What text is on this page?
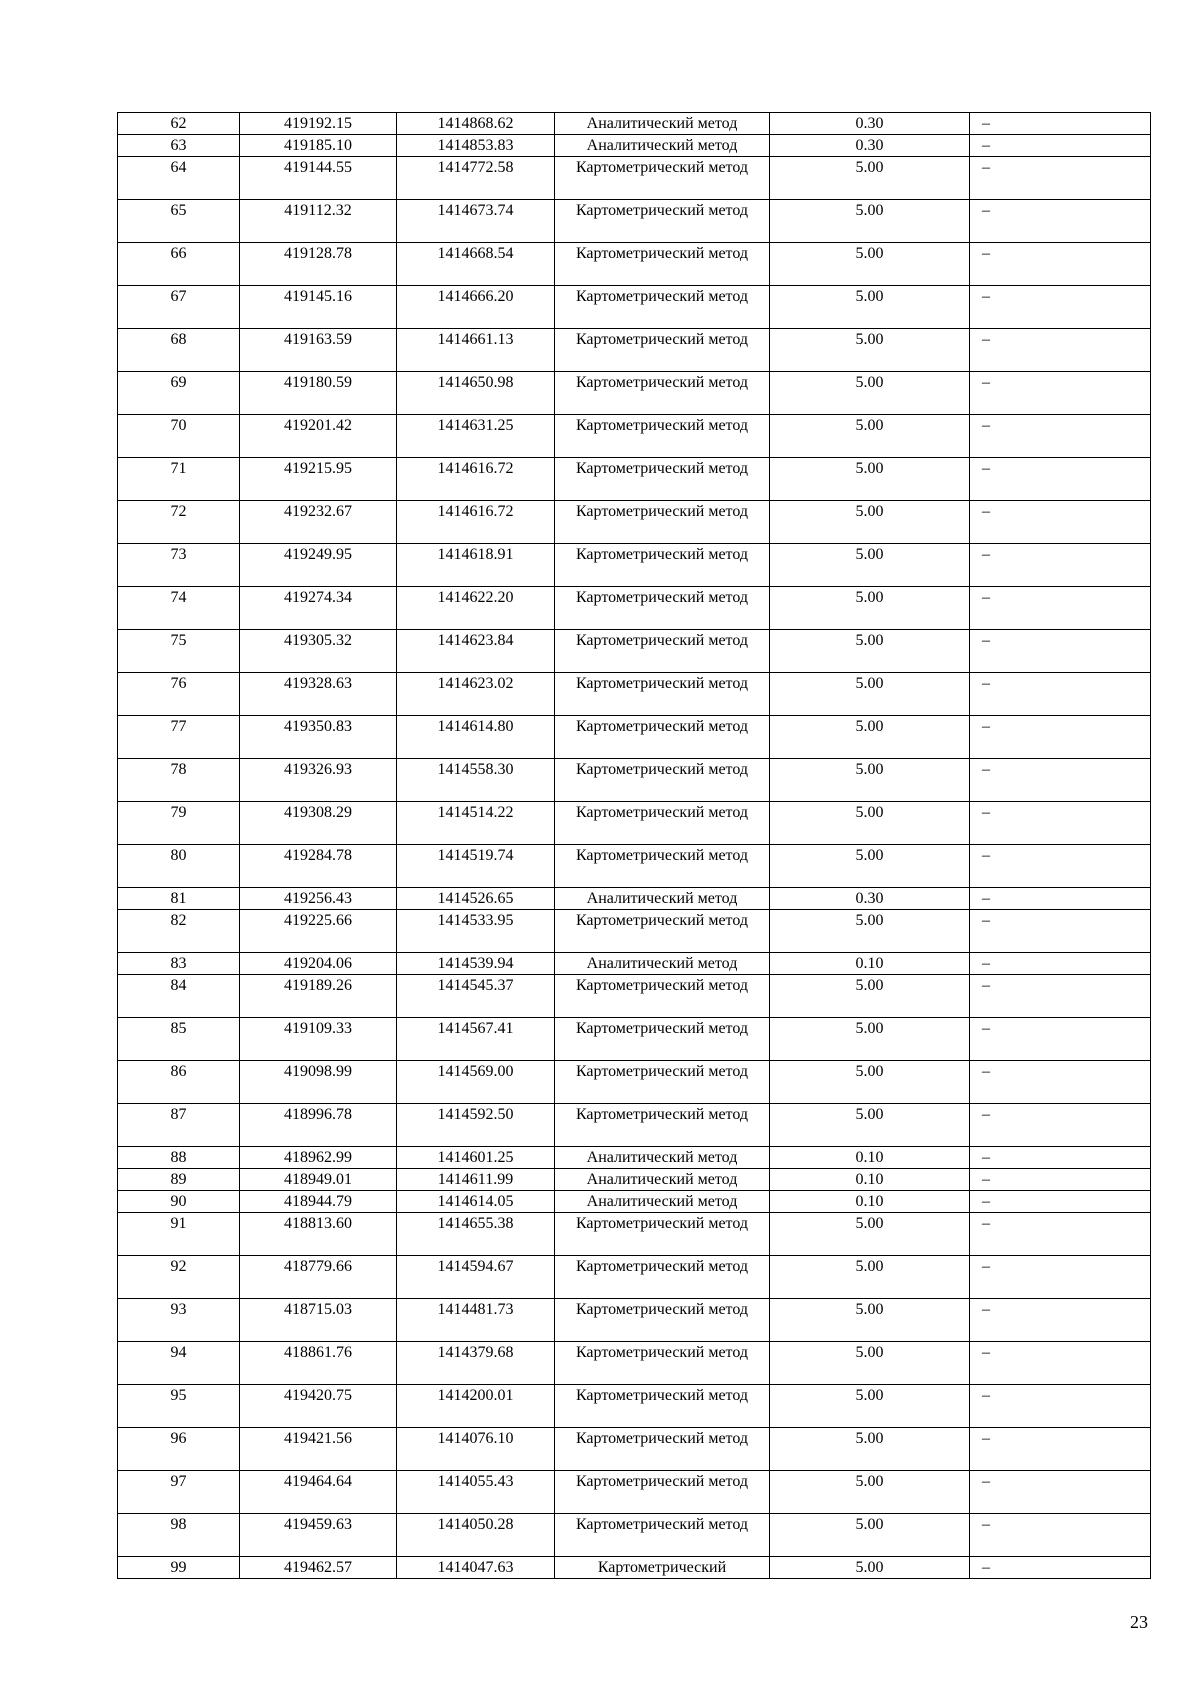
62	419192.15	1414868.62	Аналитический метод	0.30	–
63	419185.10	1414853.83	Аналитический метод	0.30	–
64	419144.55	1414772.58	Картометрический метод	5.00	–
65	419112.32	1414673.74	Картометрический метод	5.00	–
66	419128.78	1414668.54	Картометрический метод	5.00	–
67	419145.16	1414666.20	Картометрический метод	5.00	–
68	419163.59	1414661.13	Картометрический метод	5.00	–
69	419180.59	1414650.98	Картометрический метод	5.00	–
70	419201.42	1414631.25	Картометрический метод	5.00	–
71	419215.95	1414616.72	Картометрический метод	5.00	–
72	419232.67	1414616.72	Картометрический метод	5.00	–
73	419249.95	1414618.91	Картометрический метод	5.00	–
74	419274.34	1414622.20	Картометрический метод	5.00	–
75	419305.32	1414623.84	Картометрический метод	5.00	–
76	419328.63	1414623.02	Картометрический метод	5.00	–
77	419350.83	1414614.80	Картометрический метод	5.00	–
78	419326.93	1414558.30	Картометрический метод	5.00	–
79	419308.29	1414514.22	Картометрический метод	5.00	–
80	419284.78	1414519.74	Картометрический метод	5.00	–
81	419256.43	1414526.65	Аналитический метод	0.30	–
82	419225.66	1414533.95	Картометрический метод	5.00	–
83	419204.06	1414539.94	Аналитический метод	0.10	–
84	419189.26	1414545.37	Картометрический метод	5.00	–
85	419109.33	1414567.41	Картометрический метод	5.00	–
86	419098.99	1414569.00	Картометрический метод	5.00	–
87	418996.78	1414592.50	Картометрический метод	5.00	–
88	418962.99	1414601.25	Аналитический метод	0.10	–
89	418949.01	1414611.99	Аналитический метод	0.10	–
90	418944.79	1414614.05	Аналитический метод	0.10	–
91	418813.60	1414655.38	Картометрический метод	5.00	–
92	418779.66	1414594.67	Картометрический метод	5.00	–
93	418715.03	1414481.73	Картометрический метод	5.00	–
94	418861.76	1414379.68	Картометрический метод	5.00	–
95	419420.75	1414200.01	Картометрический метод	5.00	–
96	419421.56	1414076.10	Картометрический метод	5.00	–
97	419464.64	1414055.43	Картометрический метод	5.00	–
98	419459.63	1414050.28	Картометрический метод	5.00	–
99	419462.57	1414047.63	Картометрический	5.00	–
23
